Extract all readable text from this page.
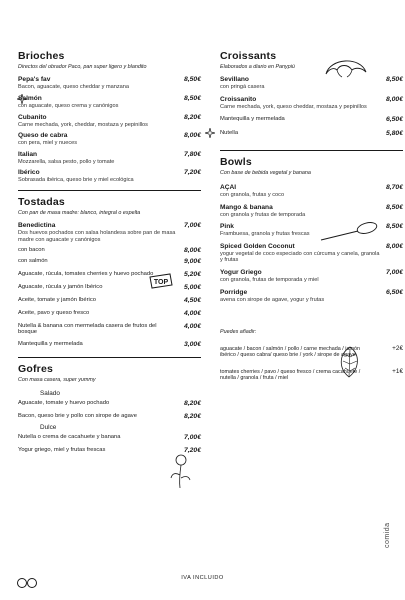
Brioches
Directos del obrador Paco, pan super ligero y blandito
Pepa's fav
Bacon, aguacate, queso cheddar y manzana
8,50€
Salmón
con aguacate, queso crema y canónigos
8,50€
Cubanito
Carne mechada, york, cheddar, mostaza y pepinillos
8,20€
Queso de cabra
con pera, miel y nueces
8,00€
Italian
Mozzarella, salsa pesto, pollo y tomate
7,80€
Ibérico
Sobrasada ibérica, queso brie y miel ecológica
7,20€
Tostadas
Con pan de masa madre: blanco, integral o espelta
Benedictina
Dos huevos pochados con salsa holandesa sobre pan de masa madre con aguacate y canónigos
7,00€
con bacon	8,00€
con salmón	9,00€
Aguacate, rúcula, tomates cherries y huevo pochado	5,20€
Aguacate, rúcula y jamón Ibérico	5,00€
Aceite, tomate y jamón Ibérico	4,50€
Aceite, pavo y queso fresco	4,00€
Nutella & banana con mermelada casera de frutos del bosque
4,00€
Mantequilla y mermelada	3,00€
Gofres
Con masa casera, super yummy
Salado
Aguacate, tomate y huevo pochado	8,20€
Bacon, queso brie y pollo con sirope de agave	8,20€
Dulce
Nutella o crema de cacahuete y banana	7,00€
Yogur griego, miel y frutas frescas	7,20€
TOP
Croissants
Elaborados a diario en Panypiú
Sevillano
con pringá casera
8,50€
Croissanito
Carne mechada, york, queso cheddar, mostaza y pepinillos
8,00€
Mantequilla y mermelada	6,50€
Nutella	5,80€
Bowls
Con base de bebida vegetal y banana
AÇAI
con granola, frutas y coco
8,70€
Mango & banana
con granola y frutas de temporada
8,50€
Pink
Frambuesa, granola y frutas frescas
8,50€
Spiced Golden Coconut
yogur vegetal de coco especiado con cúrcuma y canela, granola y frutas
8,00€
Yogur Griego
con granola, frutas de temporada y miel
7,00€
Porridge
avena con sirope de agave, yogur y frutas
6,50€
Puedes añadir:
aguacate / bacon / salmón / pollo / carne mechada / jamón ibérico / queso cabra/ queso brie / york / sirope de agave
+2€
tomates cherries / pavo / queso fresco / crema cacahuete / nutella / granola / fruta / miel
+1€
IVA INCLUIDO
comida
